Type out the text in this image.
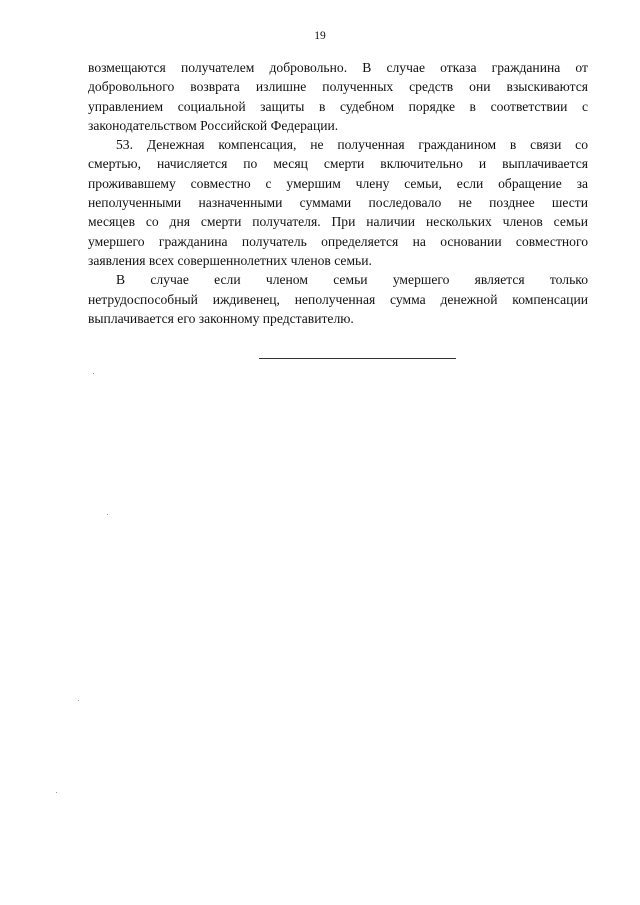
19

возмещаются получателем добровольно. В случае отказа гражданина от
добровольного возврата излишне полученных средств они взыскиваются
управлением социальной защиты в судебном порядке в соответствии с
законодательством Российской Федерации.

53. Денежная компенсация, не полученная гражданином в связи со
смертью, начисляется по месяц смерти включительно и выплачивается
проживавшему совместно с умершим члену семьи, если обращение за
неполученными назначенными суммами последовало не позднее шести
месяцев со дня смерти получателя. При наличии нескольких членов семьи
умершего гражданина получатель определяется на основании совместного
заявления всех совершеннолетних членов семьи.

В случае если членом семьи умершего является только
нетрудоспособный иждивенец, неполученная сумма денежной компенсации
выплачивается его законному представителю.
